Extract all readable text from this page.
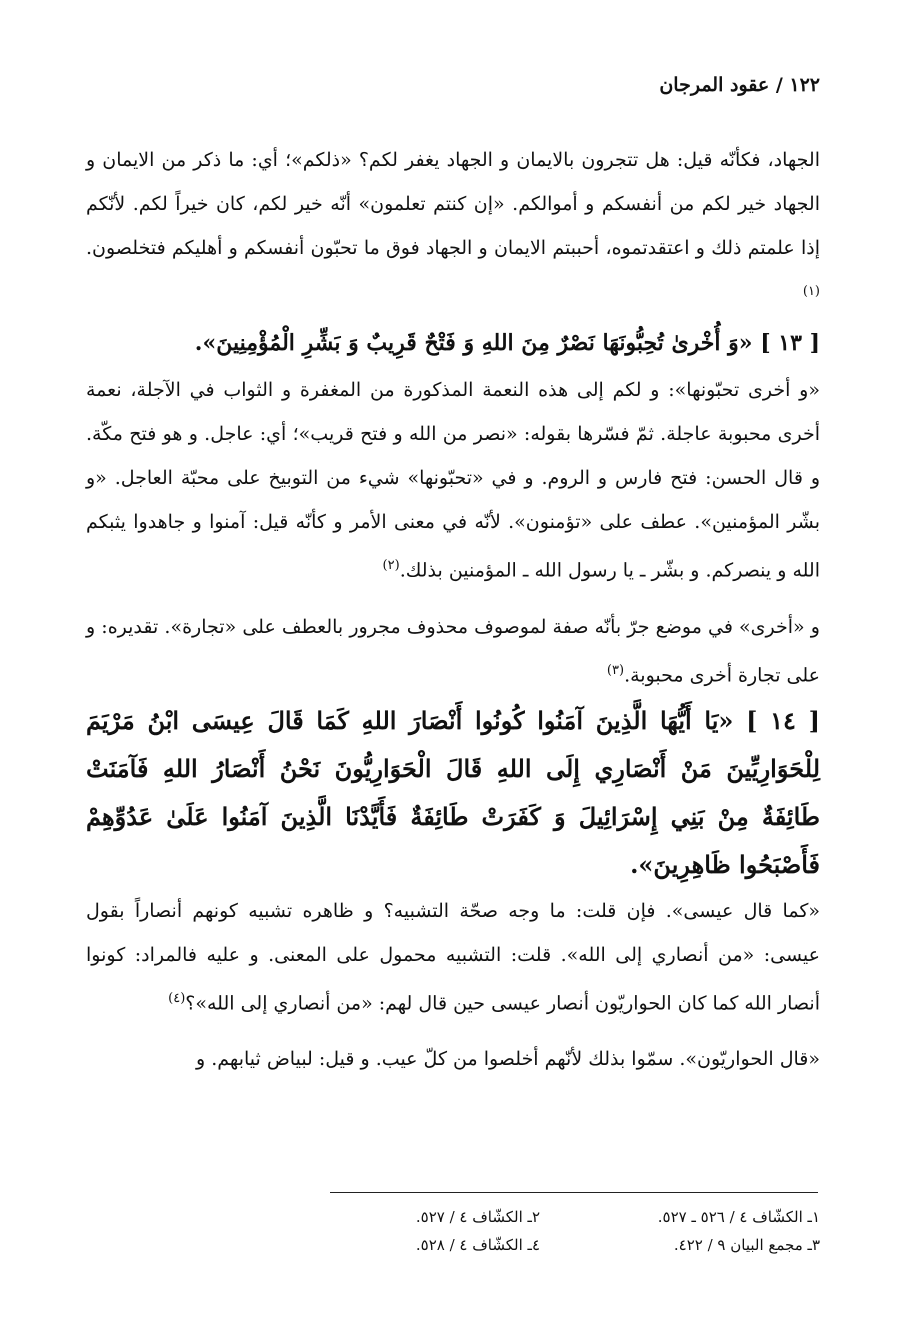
١٢٢ / عقود المرجان

الجهاد، فكأنّه قيل: هل تتجرون بالايمان و الجهاد يغفر لكم؟ «ذلكم»؛ أي: ما ذكر من الايمان و الجهاد خير لكم من أنفسكم و أموالكم. «إن كنتم تعلمون» أنّه خير لكم، كان خيراً لكم. لأنّكم إذا علمتم ذلك و اعتقدتموه، أحببتم الايمان و الجهاد فوق ما تحبّون أنفسكم و أهليكم فتخلصون.$^{(١)}$

[ ١٣ ] «وَ أُخْرىٰ تُحِبُّونَهَا نَصْرٌ مِنَ اللهِ وَ فَتْحٌ قَرِيبٌ وَ بَشِّرِ الْمُؤْمِنِينَ».

«و أخرى تحبّونها»: و لكم إلى هذه النعمة المذكورة من المغفرة و الثواب في الآجلة، نعمة أخرى محبوبة عاجلة. ثمّ فسّرها بقوله: «نصر من الله و فتح قريب»؛ أي: عاجل. و هو فتح مكّة. و قال الحسن: فتح فارس و الروم. و في «تحبّونها» شيء من التوبيخ على محبّة العاجل. «و بشّر المؤمنين». عطف على «تؤمنون». لأنّه في معنى الأمر و كأنّه قيل: آمنوا و جاهدوا يثبكم الله و ينصركم. و بشّر ـ يا رسول الله ـ المؤمنين بذلك.$^{(٢)}$

و «أخرى» في موضع جرّ بأنّه صفة لموصوف محذوف مجرور بالعطف على «تجارة». تقديره: و على تجارة أخرى محبوبة.$^{(٣)}$

[ ١٤ ] «يَا أَيُّهَا الَّذِينَ آمَنُوا كُونُوا أَنْصَارَ اللهِ كَمَا قَالَ عِيسَى ابْنُ مَرْيَمَ لِلْحَوَارِيِّينَ مَنْ أَنْصَارِي إِلَى اللهِ قَالَ الْحَوَارِيُّونَ نَحْنُ أَنْصَارُ اللهِ فَآمَنَتْ طَائِفَةٌ مِنْ بَنِي إِسْرَائِيلَ وَ كَفَرَتْ طَائِفَةٌ فَأَيَّدْنَا الَّذِينَ آمَنُوا عَلَىٰ عَدُوِّهِمْ فَأَصْبَحُوا ظَاهِرِينَ».

«كما قال عيسى». فإن قلت: ما وجه صحّة التشبيه؟ و ظاهره تشبيه كونهم أنصاراً بقول عيسى: «من أنصاري إلى الله». قلت: التشبيه محمول على المعنى. و عليه فالمراد: كونوا أنصار الله كما كان الحواريّون أنصار عيسى حين قال لهم: «من أنصاري إلى الله»؟$^{(٤)}$

«قال الحواريّون». سمّوا بذلك لأنّهم أخلصوا من كلّ عيب. و قيل: لبياض ثيابهم. و

١ـ الكشّاف ٤ / ٥٢٦ ـ ٥٢٧.
٢ـ الكشّاف ٤ / ٥٢٧.
٣ـ مجمع البيان ٩ / ٤٢٢.
٤ـ الكشّاف ٤ / ٥٢٨.
